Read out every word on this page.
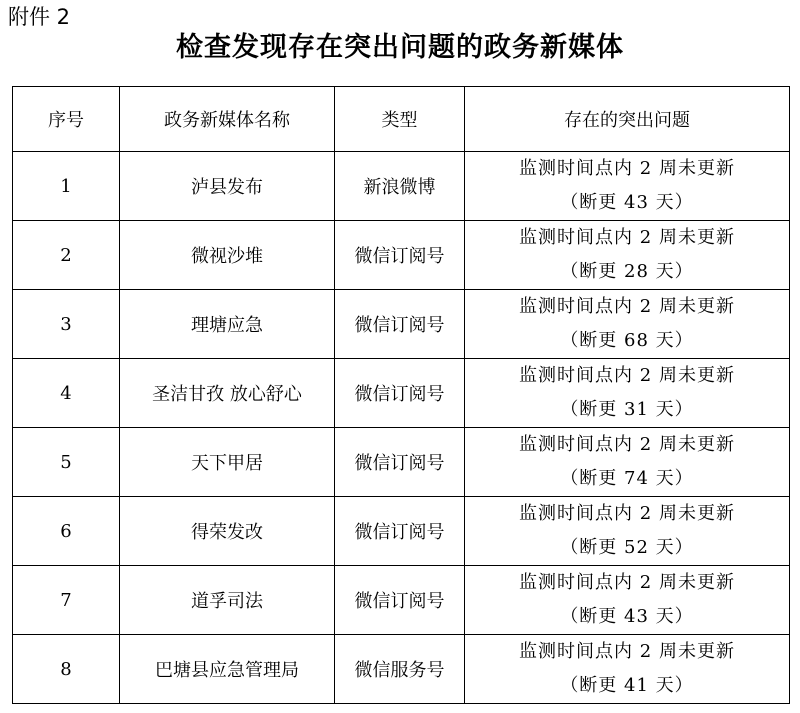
附件 2
检查发现存在突出问题的政务新媒体
序号	政务新媒体名称	类型	存在的突出问题
1	泸县发布	新浪微博	监测时间点内 2 周未更新
（断更 43 天）

2	微视沙堆	微信订阅号	监测时间点内 2 周未更新
（断更 28 天）

3	理塘应急	微信订阅号	监测时间点内 2 周未更新
（断更 68 天）

4	圣洁甘孜 放心舒心	微信订阅号	监测时间点内 2 周未更新
（断更 31 天）

5	天下甲居	微信订阅号	监测时间点内 2 周未更新
（断更 74 天）

6	得荣发改	微信订阅号	监测时间点内 2 周未更新
（断更 52 天）

7	道孚司法	微信订阅号	监测时间点内 2 周未更新
（断更 43 天）

8	巴塘县应急管理局	微信服务号	监测时间点内 2 周未更新
（断更 41 天）
